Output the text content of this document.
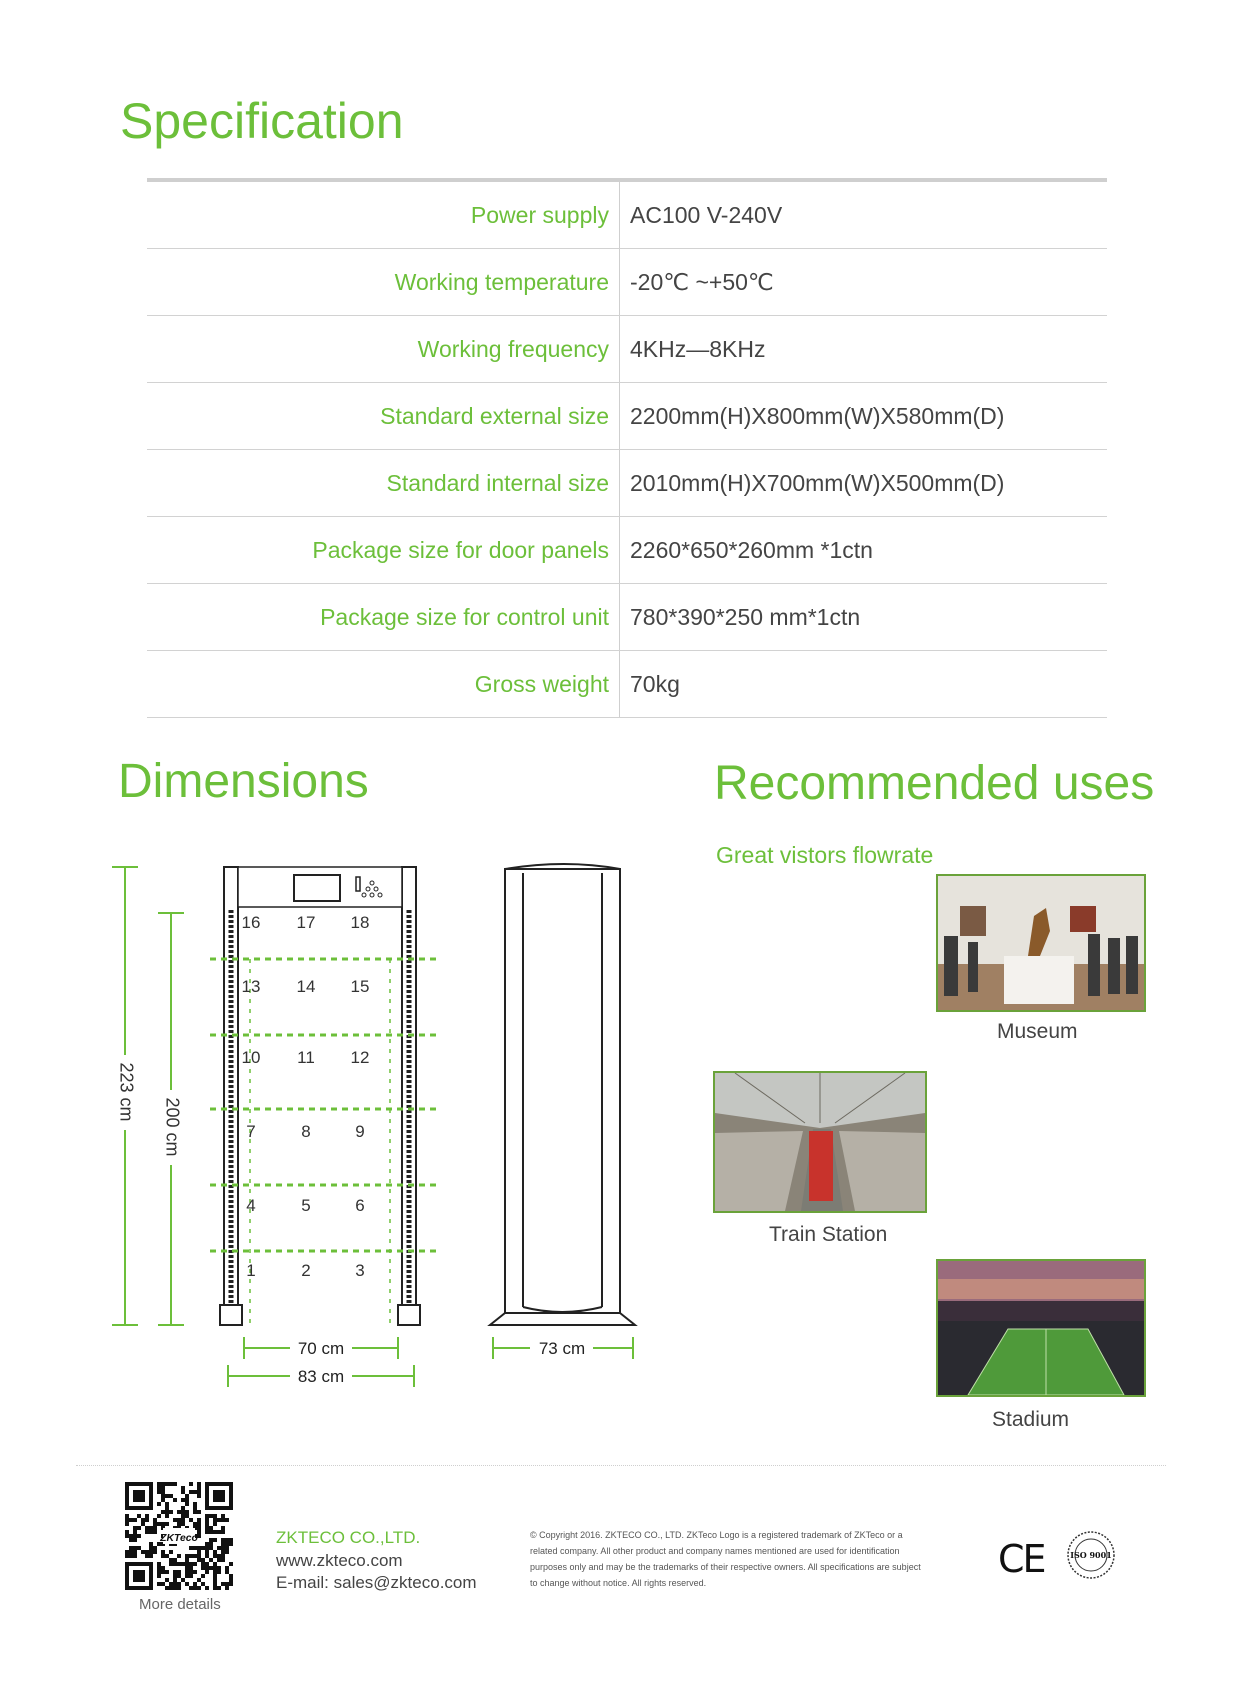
Specification
Power supply	AC100 V-240V
Working temperature	-20℃ ~+50℃
Working frequency	4KHz—8KHz
Standard external size	2200mm(H)X800mm(W)X580mm(D)
Standard internal size	2010mm(H)X700mm(W)X500mm(D)
Package size for door panels	2260*650*260mm *1ctn
Package size for control unit	780*390*250 mm*1ctn
Gross weight	70kg
Dimensions	Recommended uses
Great vistors flowrate
16 17 18
13 14 15
10 11 12
7	8	9
4	5	6
1	2	3
223 cm
200 cm
70 cm
83 cm
73 cm
Museum
Train Station
Stadium
ZKTeco
More details
ZKTECO CO.,LTD.
www.zkteco.com
E-mail: sales@zkteco.com
© Copyright 2016. ZKTECO CO., LTD. ZKTeco Logo is a registered trademark of ZKTeco or a related company. All other product and company names mentioned are used for identification purposes only and may be the trademarks of their respective owners. All specifications are subject to change without notice. All rights reserved.
CE	ISO 9001
